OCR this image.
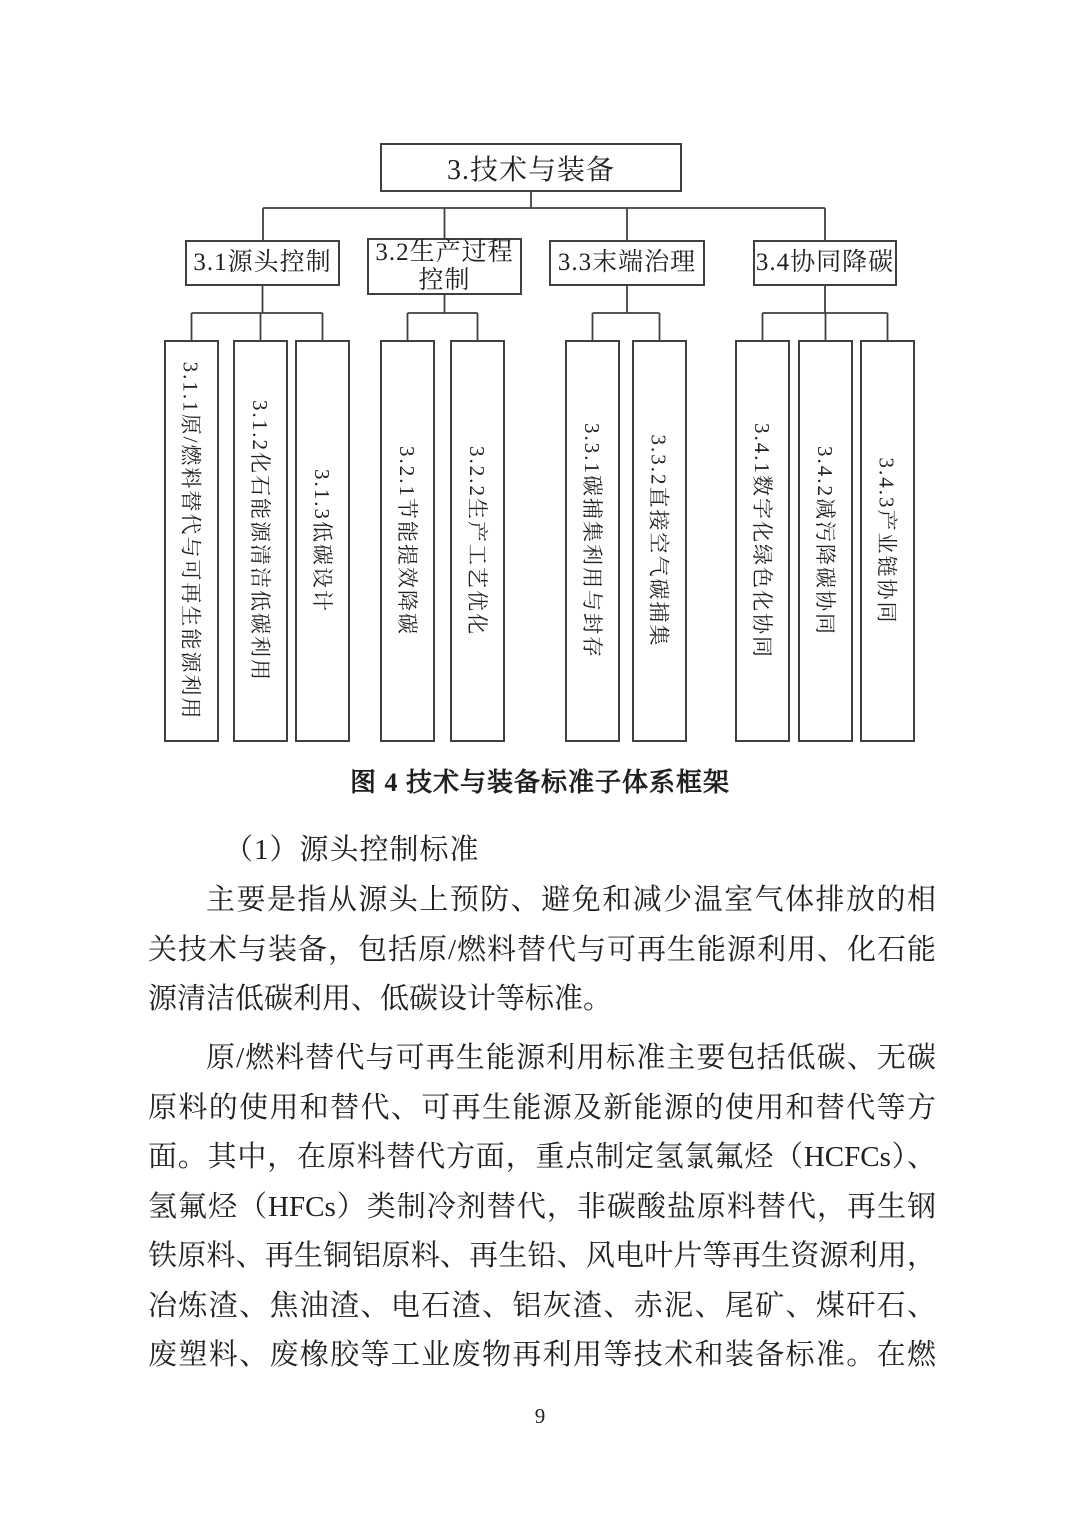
3.技术与装备
3.1源头控制 3.2生产过程
控制
3.3末端治理 3.4协同降碳
3.1.1原/燃料替代与可再生能源利用 3.1.2化石能源清洁低碳利用 3.1.3低碳设计	3.2.1节能提效降碳 3.2.2生产工艺优化	3.3.1碳捕集利用与封存 3.3.2直接空气碳捕集	3.4.1数字化绿色化协同 3.4.2减污降碳协同 3.4.3产业链协同
图 4 技术与装备标准子体系框架
（1）源头控制标准
主要是指从源头上预防、避免和减少温室气体排放的相
关技术与装备，包括原/燃料替代与可再生能源利用、化石能
源清洁低碳利用、低碳设计等标准。
原/燃料替代与可再生能源利用标准主要包括低碳、无碳
原料的使用和替代、可再生能源及新能源的使用和替代等方
面。其中，在原料替代方面，重点制定氢氯氟烃（HCFCs）、
氢氟烃（HFCs）类制冷剂替代，非碳酸盐原料替代，再生钢
铁原料、再生铜铝原料、再生铅、风电叶片等再生资源利用，
冶炼渣、焦油渣、电石渣、铝灰渣、赤泥、尾矿、煤矸石、
废塑料、废橡胶等工业废物再利用等技术和装备标准。在燃
9
